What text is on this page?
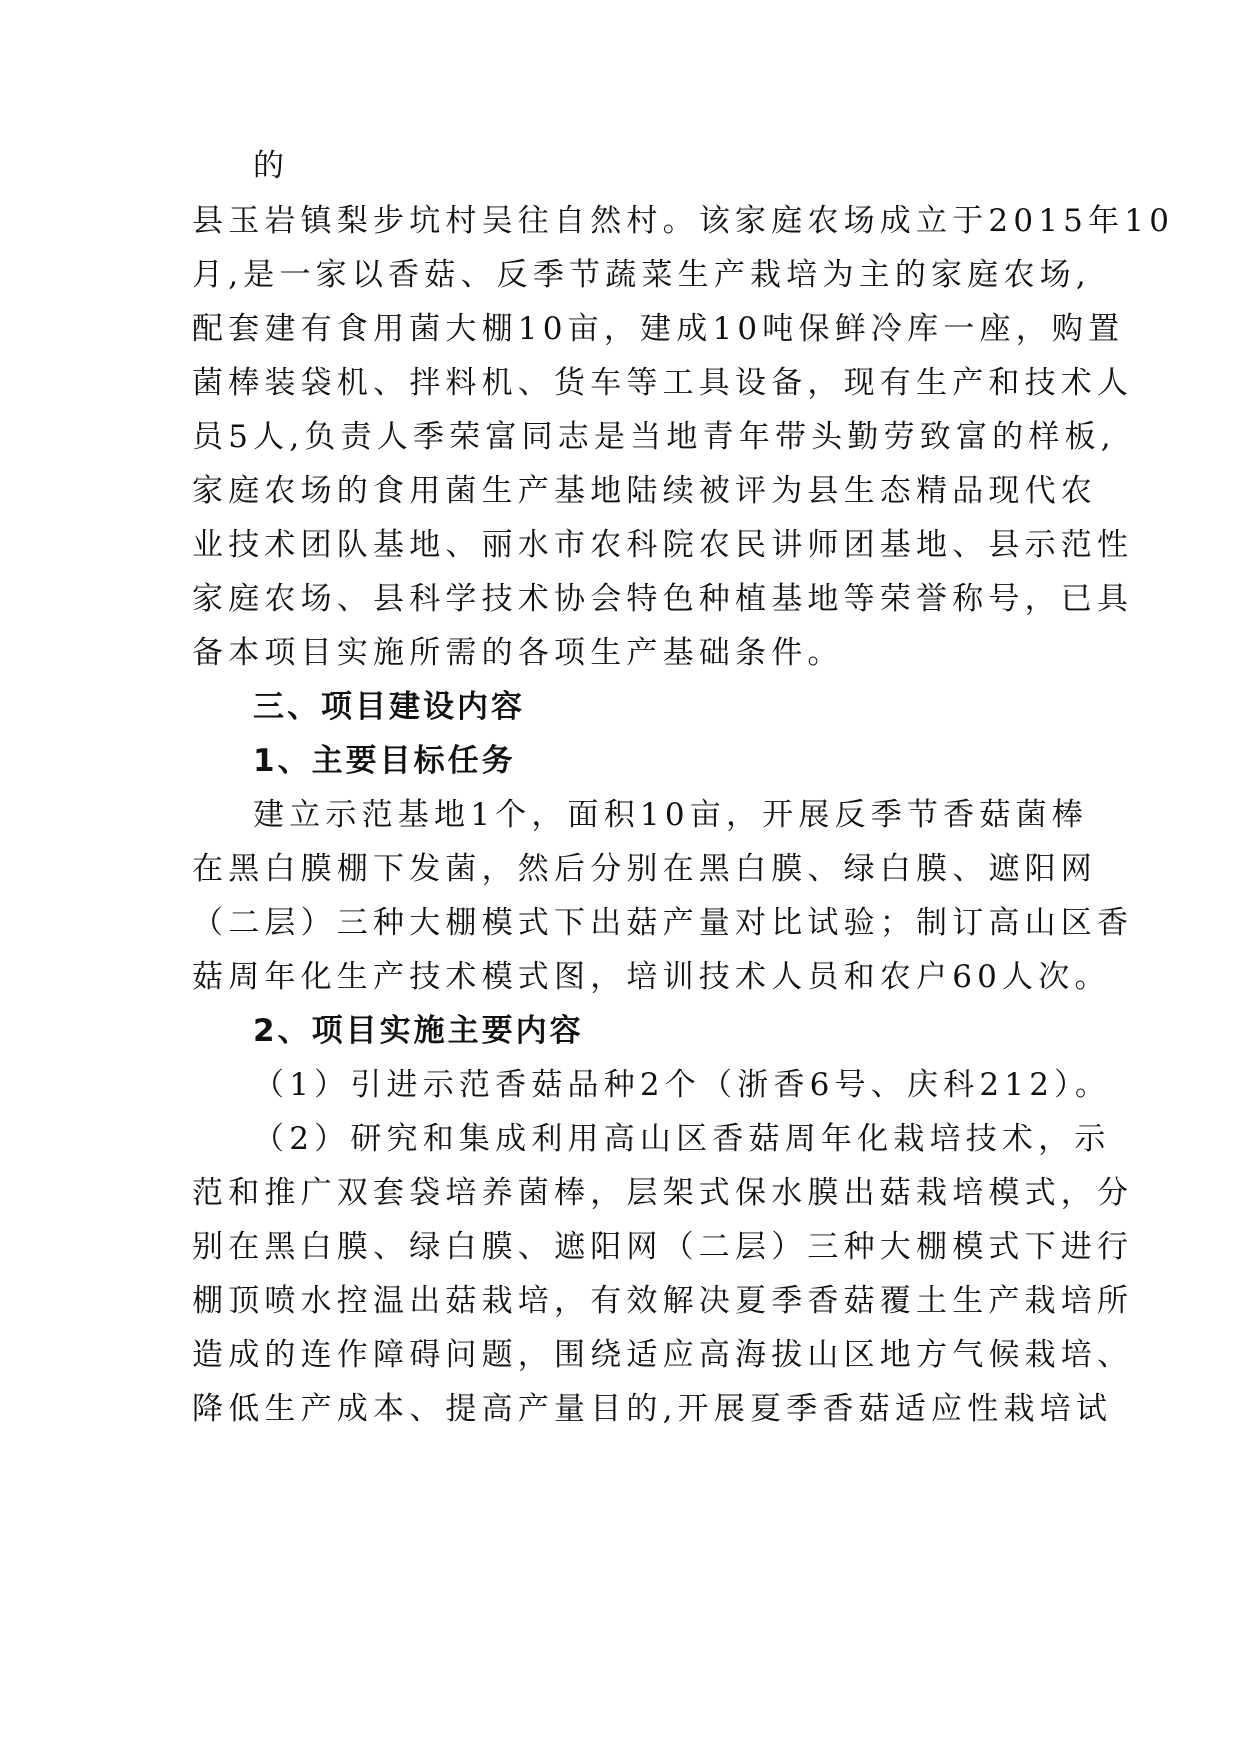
的
县玉岩镇梨步坑村吴往自然村。该家庭农场成立于2015年10
月,是一家以香菇、反季节蔬菜生产栽培为主的家庭农场,
配套建有食用菌大棚10亩，建成10吨保鲜冷库一座，购置
菌棒装袋机、拌料机、货车等工具设备，现有生产和技术人
员5人,负责人季荣富同志是当地青年带头勤劳致富的样板,
家庭农场的食用菌生产基地陆续被评为县生态精品现代农
业技术团队基地、丽水市农科院农民讲师团基地、县示范性
家庭农场、县科学技术协会特色种植基地等荣誉称号，已具
备本项目实施所需的各项生产基础条件。
三、项目建设内容
1、主要目标任务
建立示范基地1个，面积10亩，开展反季节香菇菌棒
在黑白膜棚下发菌，然后分别在黑白膜、绿白膜、遮阳网
（二层）三种大棚模式下出菇产量对比试验；制订高山区香
菇周年化生产技术模式图，培训技术人员和农户60人次。
2、项目实施主要内容
（1）引进示范香菇品种2个（浙香6号、庆科212）。
（2）研究和集成利用高山区香菇周年化栽培技术，示
范和推广双套袋培养菌棒，层架式保水膜出菇栽培模式，分
别在黑白膜、绿白膜、遮阳网（二层）三种大棚模式下进行
棚顶喷水控温出菇栽培，有效解决夏季香菇覆土生产栽培所
造成的连作障碍问题，围绕适应高海拔山区地方气候栽培、
降低生产成本、提高产量目的,开展夏季香菇适应性栽培试
